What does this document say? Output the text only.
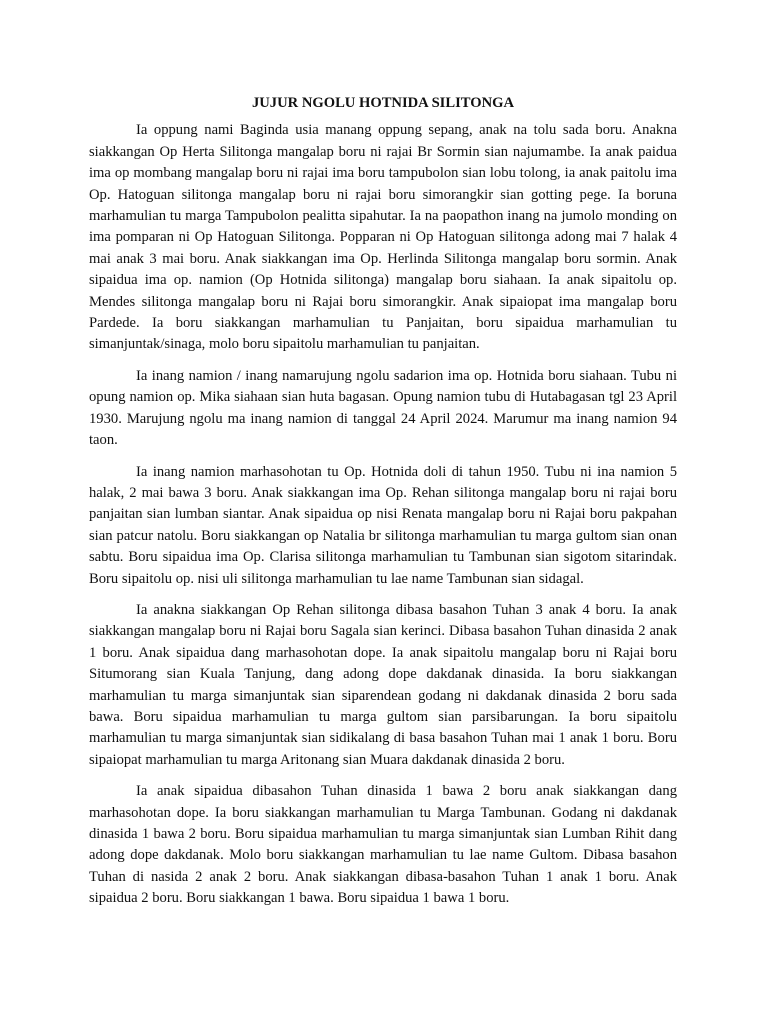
JUJUR NGOLU HOTNIDA SILITONGA

Ia oppung nami Baginda usia manang oppung sepang, anak na tolu sada boru. Anakna siakkangan Op Herta Silitonga mangalap boru ni rajai Br Sormin sian najumambe. Ia anak paidua ima op mombang mangalap boru ni rajai ima boru tampubolon sian lobu tolong, ia anak paitolu ima Op. Hatoguan silitonga mangalap boru ni rajai boru simorangkir sian gotting pege. Ia boruna marhamulian tu marga Tampubolon pealitta sipahutar. Ia na paopathon inang na jumolo monding on ima pomparan ni Op Hatoguan Silitonga. Popparan ni Op Hatoguan silitonga adong mai 7 halak 4 mai anak 3 mai boru. Anak siakkangan ima Op. Herlinda Silitonga mangalap boru sormin. Anak sipaidua ima op. namion (Op Hotnida silitonga) mangalap boru siahaan. Ia anak sipaitolu op. Mendes silitonga mangalap boru ni Rajai boru simorangkir. Anak sipaiopat ima mangalap boru Pardede. Ia boru siakkangan marhamulian tu Panjaitan, boru sipaidua marhamulian tu simanjuntak/sinaga, molo boru sipaitolu marhamulian tu panjaitan.

Ia inang namion / inang namarujung ngolu sadarion ima op. Hotnida boru siahaan. Tubu ni opung namion op. Mika siahaan sian huta bagasan. Opung namion tubu di Hutabagasan tgl 23 April 1930. Marujung ngolu ma inang namion di tanggal 24 April 2024. Marumur ma inang namion 94 taon.

Ia inang namion marhasohotan tu Op. Hotnida doli di tahun 1950. Tubu ni ina namion 5 halak, 2 mai bawa 3 boru. Anak siakkangan ima Op. Rehan silitonga mangalap boru ni rajai boru panjaitan sian lumban siantar. Anak sipaidua op nisi Renata mangalap boru ni Rajai boru pakpahan sian patcur natolu. Boru siakkangan op Natalia br silitonga marhamulian tu marga gultom sian onan sabtu. Boru sipaidua ima Op. Clarisa silitonga marhamulian tu Tambunan sian sigotom sitarindak. Boru sipaitolu op. nisi uli silitonga marhamulian tu lae name Tambunan sian sidagal.

Ia anakna siakkangan Op Rehan silitonga dibasa basahon Tuhan 3 anak 4 boru. Ia anak siakkangan mangalap boru ni Rajai boru Sagala sian kerinci. Dibasa basahon Tuhan dinasida 2 anak 1 boru. Anak sipaidua dang marhasohotan dope. Ia anak sipaitolu mangalap boru ni Rajai boru Situmorang sian Kuala Tanjung, dang adong dope dakdanak dinasida. Ia boru siakkangan marhamulian tu marga simanjuntak sian siparendean godang ni dakdanak dinasida 2 boru sada bawa. Boru sipaidua marhamulian tu marga gultom sian parsibarungan. Ia boru sipaitolu marhamulian tu marga simanjuntak sian sidikalang di basa basahon Tuhan mai 1 anak 1 boru. Boru sipaiopat marhamulian tu marga Aritonang sian Muara dakdanak dinasida 2 boru.

Ia anak sipaidua dibasahon Tuhan dinasida 1 bawa 2 boru anak siakkangan dang marhasohotan dope. Ia boru siakkangan marhamulian tu Marga Tambunan. Godang ni dakdanak dinasida 1 bawa 2 boru. Boru sipaidua marhamulian tu marga simanjuntak sian Lumban Rihit dang adong dope dakdanak. Molo boru siakkangan marhamulian tu lae name Gultom. Dibasa basahon Tuhan di nasida 2 anak 2 boru. Anak siakkangan dibasa-basahon Tuhan 1 anak 1 boru. Anak sipaidua 2 boru. Boru siakkangan 1 bawa. Boru sipaidua 1 bawa 1 boru.
